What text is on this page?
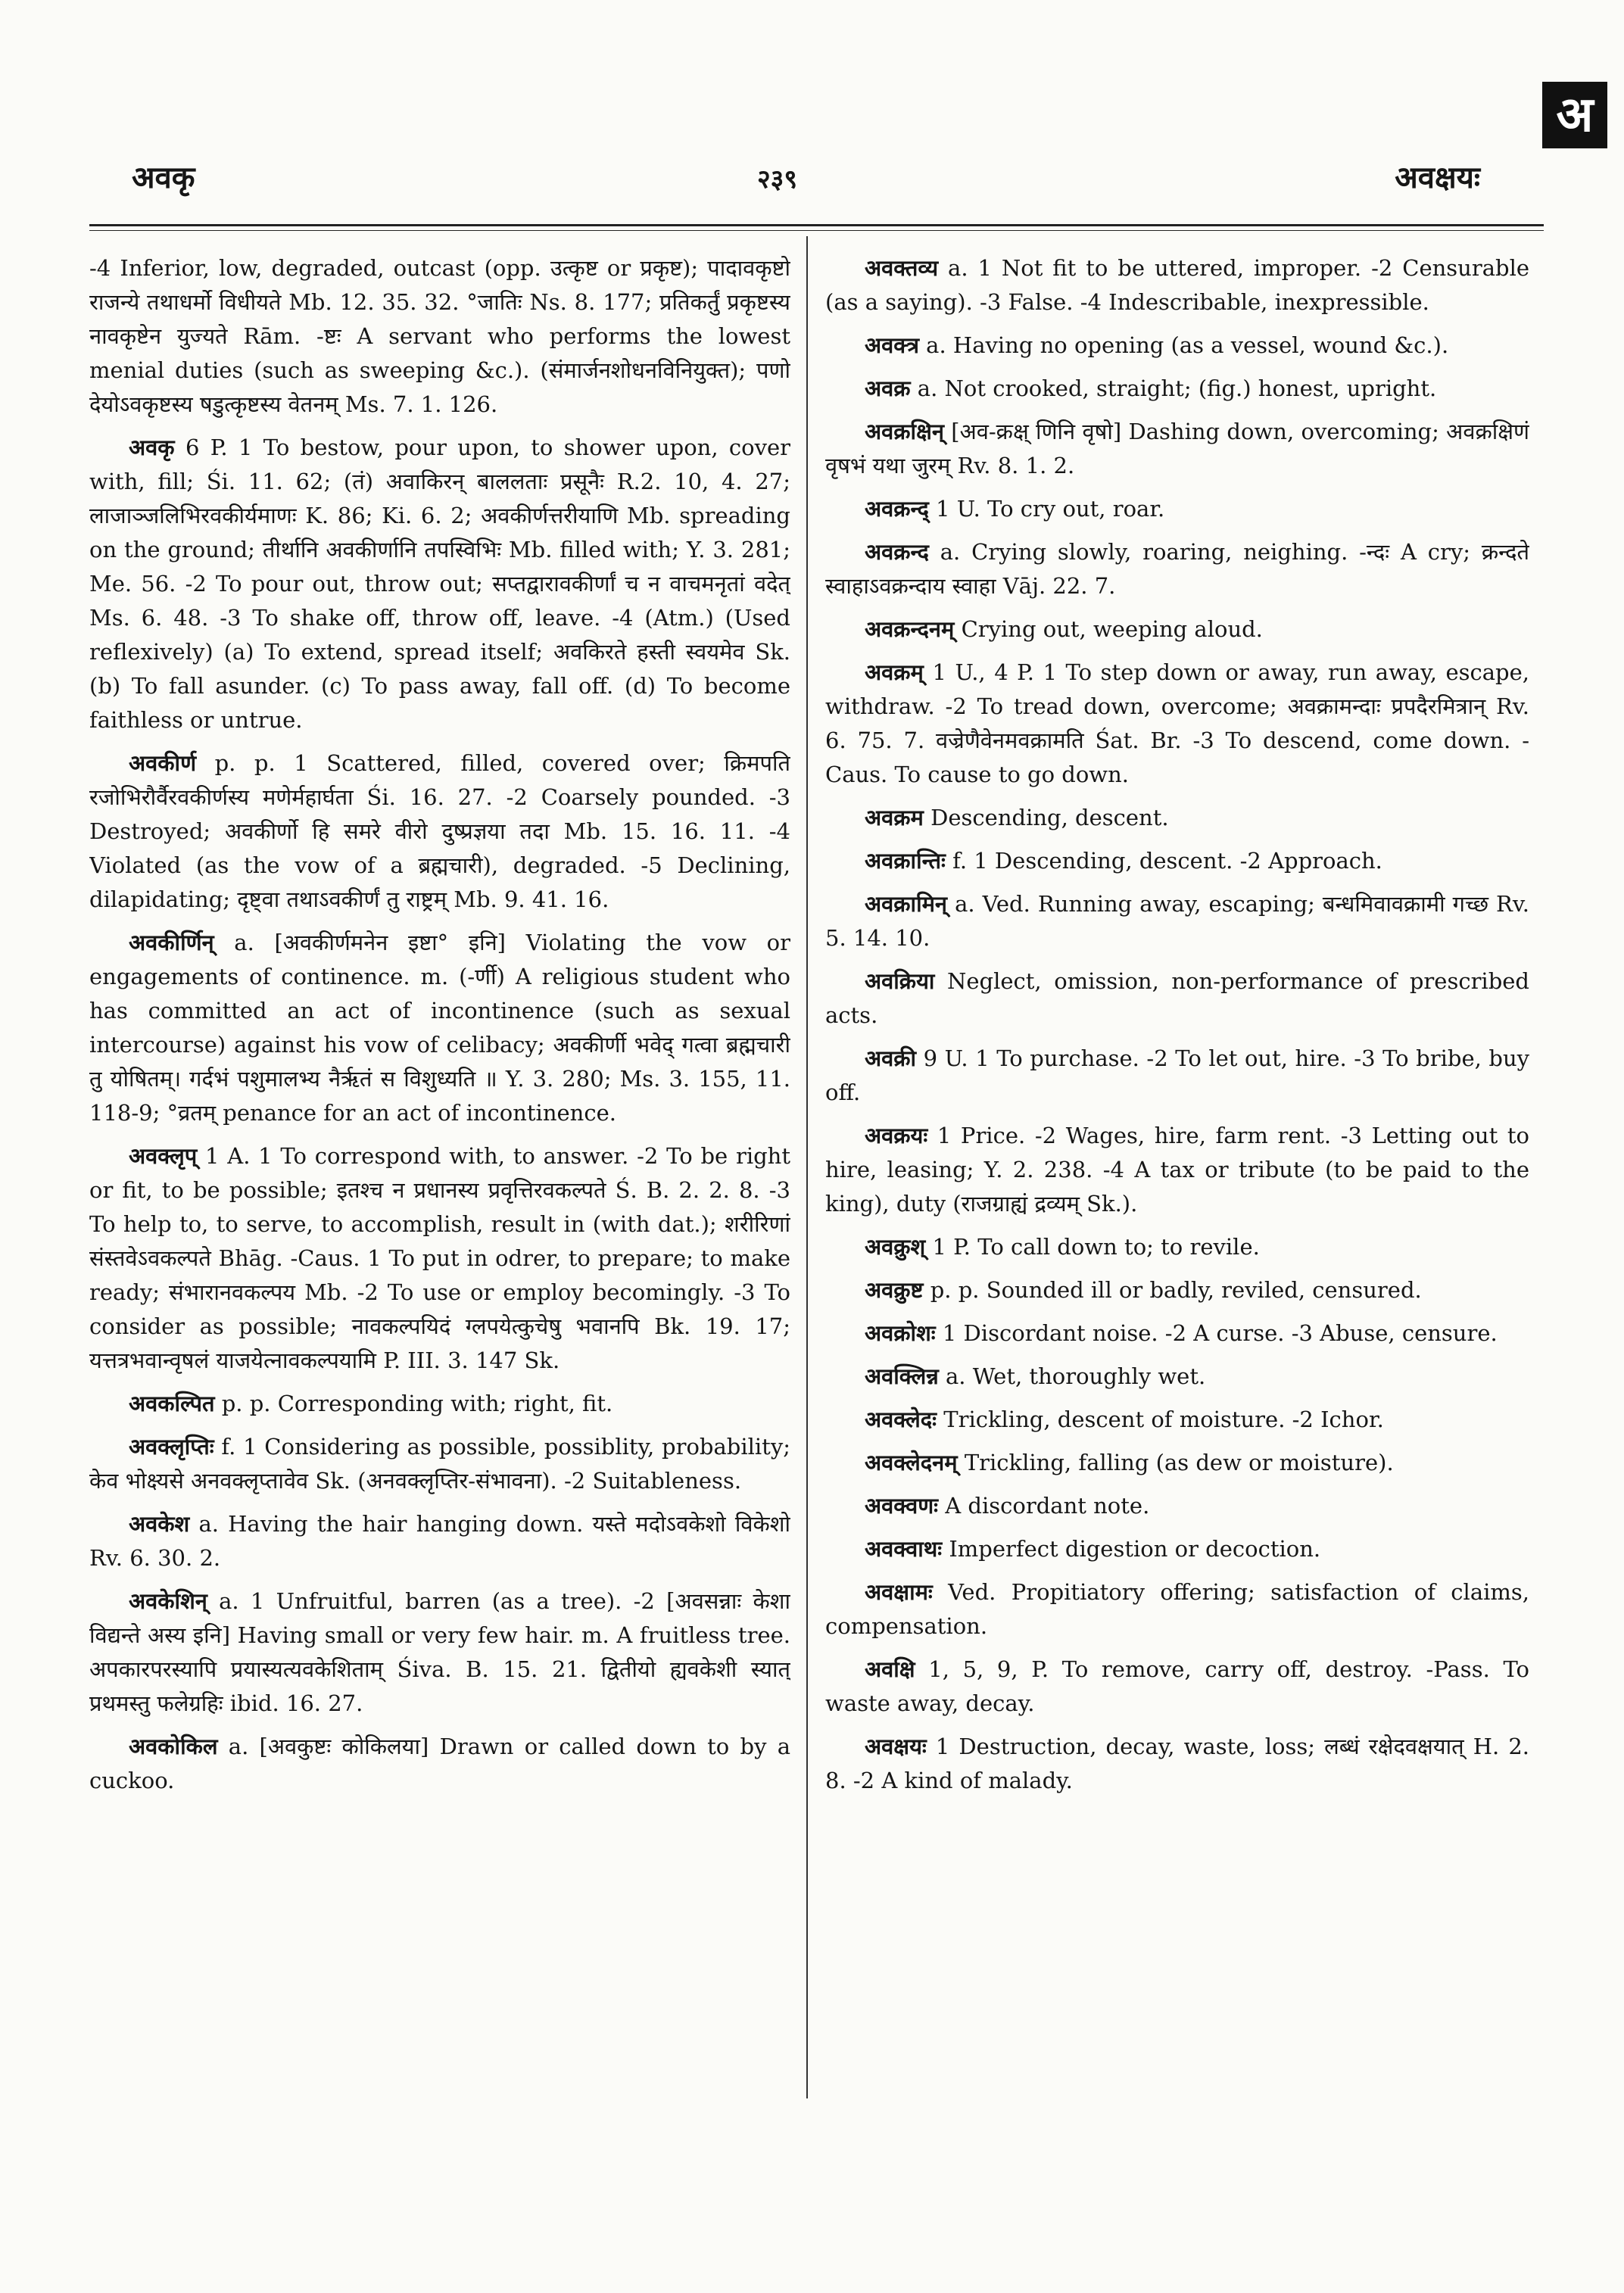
अ
अवकृ	२३९	अवक्षयः

-4 Inferior, low, degraded, outcast (opp. उत्कृष्ट or प्रकृष्ट); पादावकृष्टो राजन्ये तथाधर्मो विधीयते Mb. 12. 35. 32. °जातिः Ns. 8. 177; प्रतिकर्तुं प्रकृष्टस्य नावकृष्टेन युज्यते Rām. -ष्टः A servant who performs the lowest menial duties (such as sweeping &c.). (संमार्जनशोधनविनियुक्त); पणो देयोऽवकृष्टस्य षडुत्कृष्टस्य वेतनम् Ms. 7. 1. 126.

अवकृ 6 P. 1 To bestow, pour upon, to shower upon, cover with, fill; Śi. 11. 62; (तं) अवाकिरन् बाललताः प्रसूनैः R.2. 10, 4. 27; लाजाञ्जलिभिरवकीर्यमाणः K. 86; Ki. 6. 2; अवकीर्णत्तरीयाणि Mb. spreading on the ground; तीर्थानि अवकीर्णानि तपस्विभिः Mb. filled with; Y. 3. 281; Me. 56. -2 To pour out, throw out; सप्तद्वारावकीर्णां च न वाचमनृतां वदेत् Ms. 6. 48. -3 To shake off, throw off, leave. -4 (Atm.) (Used reflexively) (a) To extend, spread itself; अवकिरते हस्ती स्वयमेव Sk. (b) To fall asunder. (c) To pass away, fall off. (d) To become faithless or untrue.

अवकीर्ण p. p. 1 Scattered, filled, covered over; क्रिमपति रजोभिरौर्वैरवकीर्णस्य मणेर्महार्घता Śi. 16. 27. -2 Coarsely pounded. -3 Destroyed; अवकीर्णो हि समरे वीरो दुष्प्रज्ञया तदा Mb. 15. 16. 11. -4 Violated (as the vow of a ब्रह्मचारी), degraded. -5 Declining, dilapidating; दृष्ट्वा तथाऽवकीर्णं तु राष्ट्रम् Mb. 9. 41. 16.

अवकीर्णिन् a. [अवकीर्णमनेन इष्टा° इनि] Violating the vow or engagements of continence. m. (-र्णी) A religious student who has committed an act of incontinence (such as sexual intercourse) against his vow of celibacy; अवकीर्णी भवेद् गत्वा ब्रह्मचारी तु योषितम्। गर्दभं पशुमालभ्य नैर्ऋतं स विशुध्यति ॥ Y. 3. 280; Ms. 3. 155, 11. 118-9; °व्रतम् penance for an act of incontinence.

अवक्लृप् 1 A. 1 To correspond with, to answer. -2 To be right or fit, to be possible; इतश्च न प्रधानस्य प्रवृत्तिरवकल्पते Ś. B. 2. 2. 8. -3 To help to, to serve, to accomplish, result in (with dat.); शरीरिणां संस्तवेऽवकल्पते Bhāg. -Caus. 1 To put in odrer, to prepare; to make ready; संभारानवकल्पय Mb. -2 To use or employ becomingly. -3 To consider as possible; नावकल्पयिदं ग्लपयेत्कुचेषु भवानपि Bk. 19. 17; यत्तत्रभवान्वृषलं याजयेत्नावकल्पयामि P. III. 3. 147 Sk.

अवकल्पित p. p. Corresponding with; right, fit.

अवक्लृप्तिः f. 1 Considering as possible, possiblity, probability; केव भोक्ष्यसे अनवक्लृप्तावेव Sk. (अनवक्लृप्तिर-संभावना). -2 Suitableness.

अवकेश a. Having the hair hanging down. यस्ते मदोऽवकेशो विकेशो Rv. 6. 30. 2.

अवकेशिन् a. 1 Unfruitful, barren (as a tree). -2 [अवसन्नाः केशा विद्यन्ते अस्य इनि] Having small or very few hair. m. A fruitless tree. अपकारपरस्यापि प्रयास्यत्यवकेशिताम् Śiva. B. 15. 21. द्वितीयो ह्यवकेशी स्यात् प्रथमस्तु फलेग्रहिः ibid. 16. 27.

अवकोकिल a. [अवकुष्टः कोकिलया] Drawn or called down to by a cuckoo.

अवक्तव्य a. 1 Not fit to be uttered, improper. -2 Censurable (as a saying). -3 False. -4 Indescribable, inexpressible.

अवक्त्र a. Having no opening (as a vessel, wound &c.).

अवक्र a. Not crooked, straight; (fig.) honest, upright.

अवक्रक्षिन् [अव-क्रक्ष् णिनि वृषो] Dashing down, overcoming; अवक्रक्षिणं वृषभं यथा जुरम् Rv. 8. 1. 2.

अवक्रन्द् 1 U. To cry out, roar.

अवक्रन्द a. Crying slowly, roaring, neighing. -न्दः A cry; क्रन्दते स्वाहाऽवक्रन्दाय स्वाहा Vāj. 22. 7.

अवक्रन्दनम् Crying out, weeping aloud.

अवक्रम् 1 U., 4 P. 1 To step down or away, run away, escape, withdraw. -2 To tread down, overcome; अवक्रामन्दाः प्रपदैरमित्रान् Rv. 6. 75. 7. वज्रेणैवेनमवक्रामति Śat. Br. -3 To descend, come down. -Caus. To cause to go down.

अवक्रम Descending, descent.

अवक्रान्तिः f. 1 Descending, descent. -2 Approach.

अवक्रामिन् a. Ved. Running away, escaping; बन्धमिवावक्रामी गच्छ Rv. 5. 14. 10.

अवक्रिया Neglect, omission, non-performance of prescribed acts.

अवक्री 9 U. 1 To purchase. -2 To let out, hire. -3 To bribe, buy off.

अवक्रयः 1 Price. -2 Wages, hire, farm rent. -3 Letting out to hire, leasing; Y. 2. 238. -4 A tax or tribute (to be paid to the king), duty (राजग्राह्यं द्रव्यम् Sk.).

अवक्रुश् 1 P. To call down to; to revile.

अवक्रुष्ट p. p. Sounded ill or badly, reviled, censured.

अवक्रोशः 1 Discordant noise. -2 A curse. -3 Abuse, censure.

अवक्लिन्न a. Wet, thoroughly wet.

अवक्लेदः Trickling, descent of moisture. -2 Ichor.

अवक्लेदनम् Trickling, falling (as dew or moisture).

अवक्वणः A discordant note.

अवक्वाथः Imperfect digestion or decoction.

अवक्षामः Ved. Propitiatory offering; satisfaction of claims, compensation.

अवक्षि 1, 5, 9, P. To remove, carry off, destroy. -Pass. To waste away, decay.

अवक्षयः 1 Destruction, decay, waste, loss; लब्धं रक्षेदवक्षयात् H. 2. 8. -2 A kind of malady.
